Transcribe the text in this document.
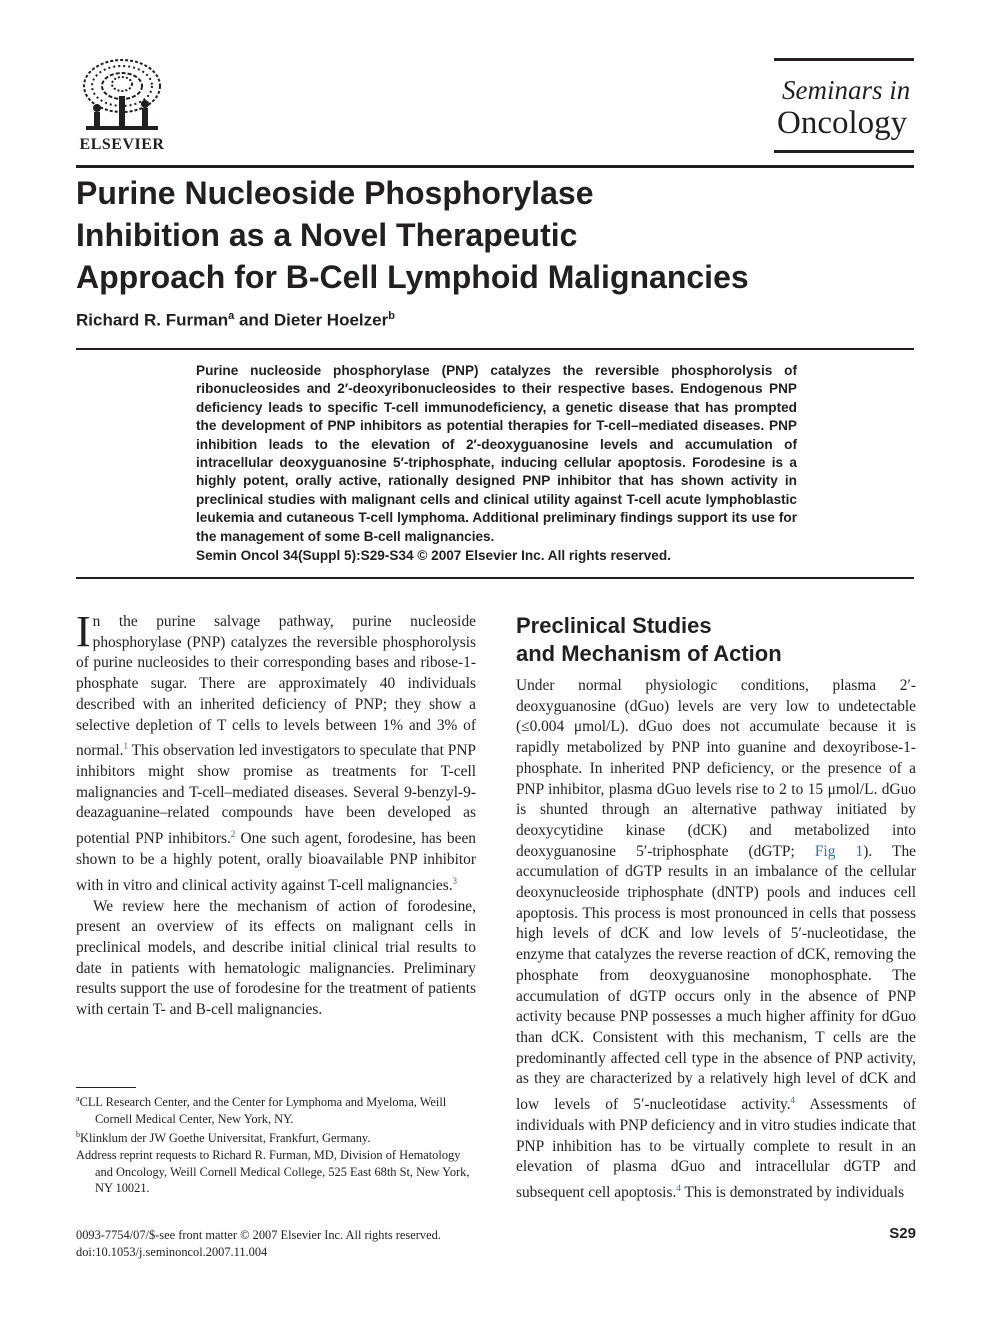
ELSEVIER
Seminars in
Oncology
Purine Nucleoside Phosphorylase
Inhibition as a Novel Therapeutic
Approach for B-Cell Lymphoid Malignancies
Richard R. Furman$^a$ and Dieter Hoelzer$^b$

Purine nucleoside phosphorylase (PNP) catalyzes the reversible phosphorolysis of ribonucleosides and 2′-deoxyribonucleosides to their respective bases. Endogenous PNP deficiency leads to specific T-cell immunodeficiency, a genetic disease that has prompted the development of PNP inhibitors as potential therapies for T-cell–mediated diseases. PNP inhibition leads to the elevation of 2′-deoxyguanosine levels and accumulation of intracellular deoxyguanosine 5′-triphosphate, inducing cellular apoptosis. Forodesine is a highly potent, orally active, rationally designed PNP inhibitor that has shown activity in preclinical studies with malignant cells and clinical utility against T-cell acute lymphoblastic leukemia and cutaneous T-cell lymphoma. Additional preliminary findings support its use for the management of some B-cell malignancies.

Semin Oncol 34(Suppl 5):S29-S34 © 2007 Elsevier Inc. All rights reserved.

In the purine salvage pathway, purine nucleoside phosphorylase (PNP) catalyzes the reversible phosphorolysis of purine nucleosides to their corresponding bases and ribose-1-phosphate sugar. There are approximately 40 individuals described with an inherited deficiency of PNP; they show a selective depletion of T cells to levels between 1% and 3% of normal.$^1$ This observation led investigators to speculate that PNP inhibitors might show promise as treatments for T-cell malignancies and T-cell–mediated diseases. Several 9-benzyl-9-deazaguanine–related compounds have been developed as potential PNP inhibitors.$^2$ One such agent, forodesine, has been shown to be a highly potent, orally bioavailable PNP inhibitor with in vitro and clinical activity against T-cell malignancies.$^3$

We review here the mechanism of action of forodesine, present an overview of its effects on malignant cells in preclinical models, and describe initial clinical trial results to date in patients with hematologic malignancies. Preliminary results support the use of forodesine for the treatment of patients with certain T- and B-cell malignancies.

Preclinical Studies
and Mechanism of Action

Under normal physiologic conditions, plasma 2′-deoxyguanosine (dGuo) levels are very low to undetectable (≤0.004 μmol/L). dGuo does not accumulate because it is rapidly metabolized by PNP into guanine and dexoyribose-1-phosphate. In inherited PNP deficiency, or the presence of a PNP inhibitor, plasma dGuo levels rise to 2 to 15 μmol/L. dGuo is shunted through an alternative pathway initiated by deoxycytidine kinase (dCK) and metabolized into deoxyguanosine 5′-triphosphate (dGTP; Fig 1). The accumulation of dGTP results in an imbalance of the cellular deoxynucleoside triphosphate (dNTP) pools and induces cell apoptosis. This process is most pronounced in cells that possess high levels of dCK and low levels of 5′-nucleotidase, the enzyme that catalyzes the reverse reaction of dCK, removing the phosphate from deoxyguanosine monophosphate. The accumulation of dGTP occurs only in the absence of PNP activity because PNP possesses a much higher affinity for dGuo than dCK. Consistent with this mechanism, T cells are the predominantly affected cell type in the absence of PNP activity, as they are characterized by a relatively high level of dCK and low levels of 5′-nucleotidase activity.$^4$ Assessments of individuals with PNP deficiency and in vitro studies indicate that PNP inhibition has to be virtually complete to result in an elevation of plasma dGuo and intracellular dGTP and subsequent cell apoptosis.$^4$ This is demonstrated by individuals

$^a$CLL Research Center, and the Center for Lymphoma and Myeloma, Weill Cornell Medical Center, New York, NY.

$^b$Klinklum der JW Goethe Universitat, Frankfurt, Germany.

Address reprint requests to Richard R. Furman, MD, Division of Hematology and Oncology, Weill Cornell Medical College, 525 East 68th St, New York, NY 10021.

0093-7754/07/$-see front matter © 2007 Elsevier Inc. All rights reserved.
doi:10.1053/j.seminoncol.2007.11.004
S29
